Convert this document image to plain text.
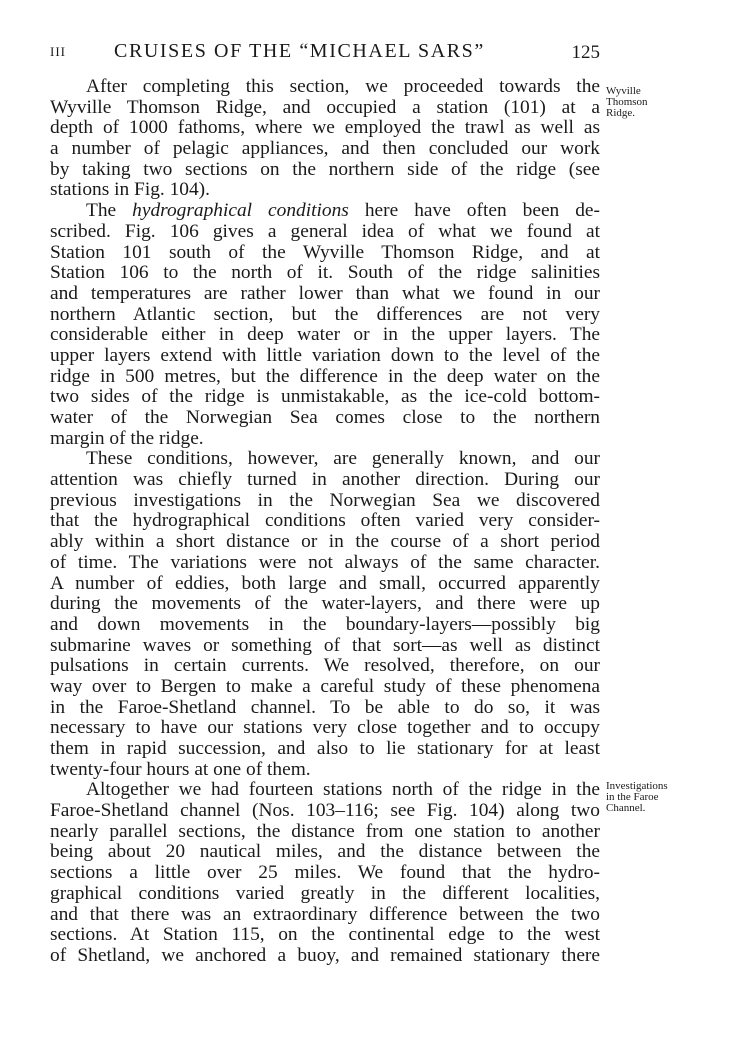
III CRUISES OF THE “MICHAEL SARS”	125
Wyville
Thomson
Ridge.
Investigations
in the Faroe
Channel.
After completing this section, we proceeded towards the
Wyville Thomson Ridge, and occupied a station (101) at a
depth of 1000 fathoms, where we employed the trawl as well as
a number of pelagic appliances, and then concluded our work
by taking two sections on the northern side of the ridge (see
stations in Fig. 104).
The hydrographical conditions here have often been de-
scribed. Fig. 106 gives a general idea of what we found at
Station 101 south of the Wyville Thomson Ridge, and at
Station 106 to the north of it. South of the ridge salinities
and temperatures are rather lower than what we found in our
northern Atlantic section, but the differences are not very
considerable either in deep water or in the upper layers. The
upper layers extend with little variation down to the level of the
ridge in 500 metres, but the difference in the deep water on the
two sides of the ridge is unmistakable, as the ice-cold bottom-
water of the Norwegian Sea comes close to the northern
margin of the ridge.
These conditions, however, are generally known, and our
attention was chiefly turned in another direction. During our
previous investigations in the Norwegian Sea we discovered
that the hydrographical conditions often varied very consider-
ably within a short distance or in the course of a short period
of time. The variations were not always of the same character.
A number of eddies, both large and small, occurred apparently
during the movements of the water-layers, and there were up
and down movements in the boundary-layers—possibly big
submarine waves or something of that sort—as well as distinct
pulsations in certain currents. We resolved, therefore, on our
way over to Bergen to make a careful study of these phenomena
in the Faroe-Shetland channel. To be able to do so, it was
necessary to have our stations very close together and to occupy
them in rapid succession, and also to lie stationary for at least
twenty-four hours at one of them.
Altogether we had fourteen stations north of the ridge in the
Faroe-Shetland channel (Nos. 103–116; see Fig. 104) along two
nearly parallel sections, the distance from one station to another
being about 20 nautical miles, and the distance between the
sections a little over 25 miles. We found that the hydro-
graphical conditions varied greatly in the different localities,
and that there was an extraordinary difference between the two
sections. At Station 115, on the continental edge to the west
of Shetland, we anchored a buoy, and remained stationary there
